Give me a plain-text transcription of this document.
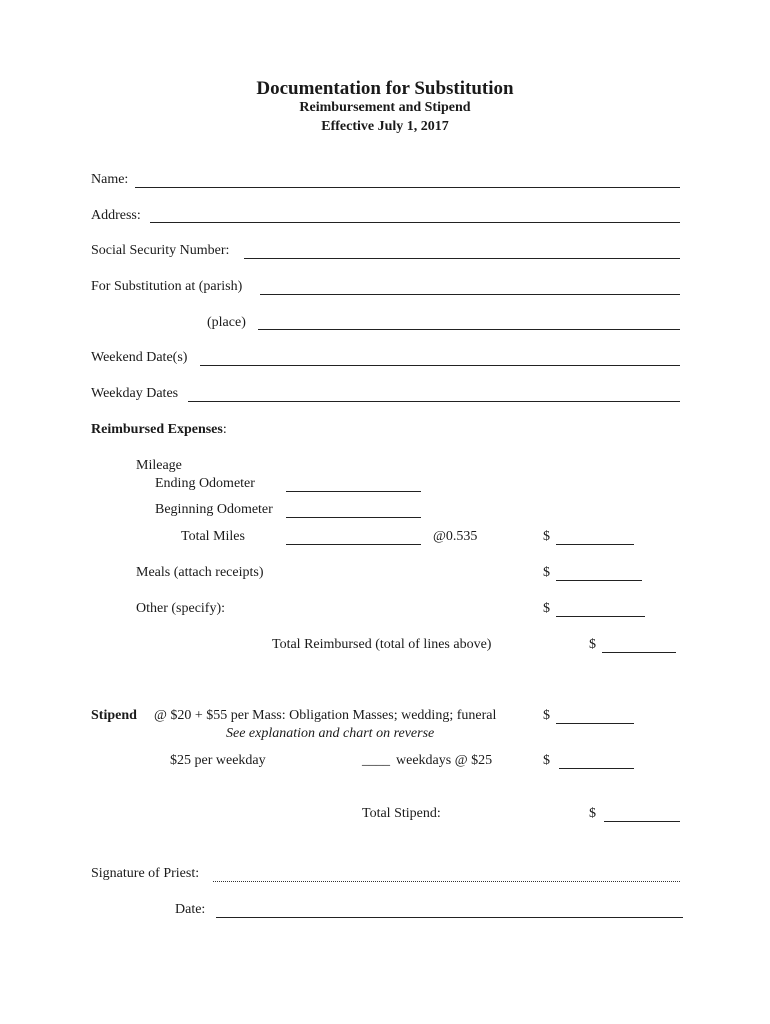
Documentation for Substitution
Reimbursement and Stipend
Effective July 1, 2017
Name:
Address:
Social Security Number:
For Substitution at (parish)
(place)
Weekend Date(s)
Weekday Dates
Reimbursed Expenses:
Mileage
Ending Odometer
Beginning Odometer
Total Miles	@0.535	$
Meals (attach receipts)	$
Other (specify):	$
Total Reimbursed (total of lines above)	$
Stipend @ $20 + $55 per Mass: Obligation Masses; wedding; funeral	$
See explanation and chart on reverse
$25 per weekday	____ weekdays @ $25	$
Total Stipend:	$
Signature of Priest:
Date:
